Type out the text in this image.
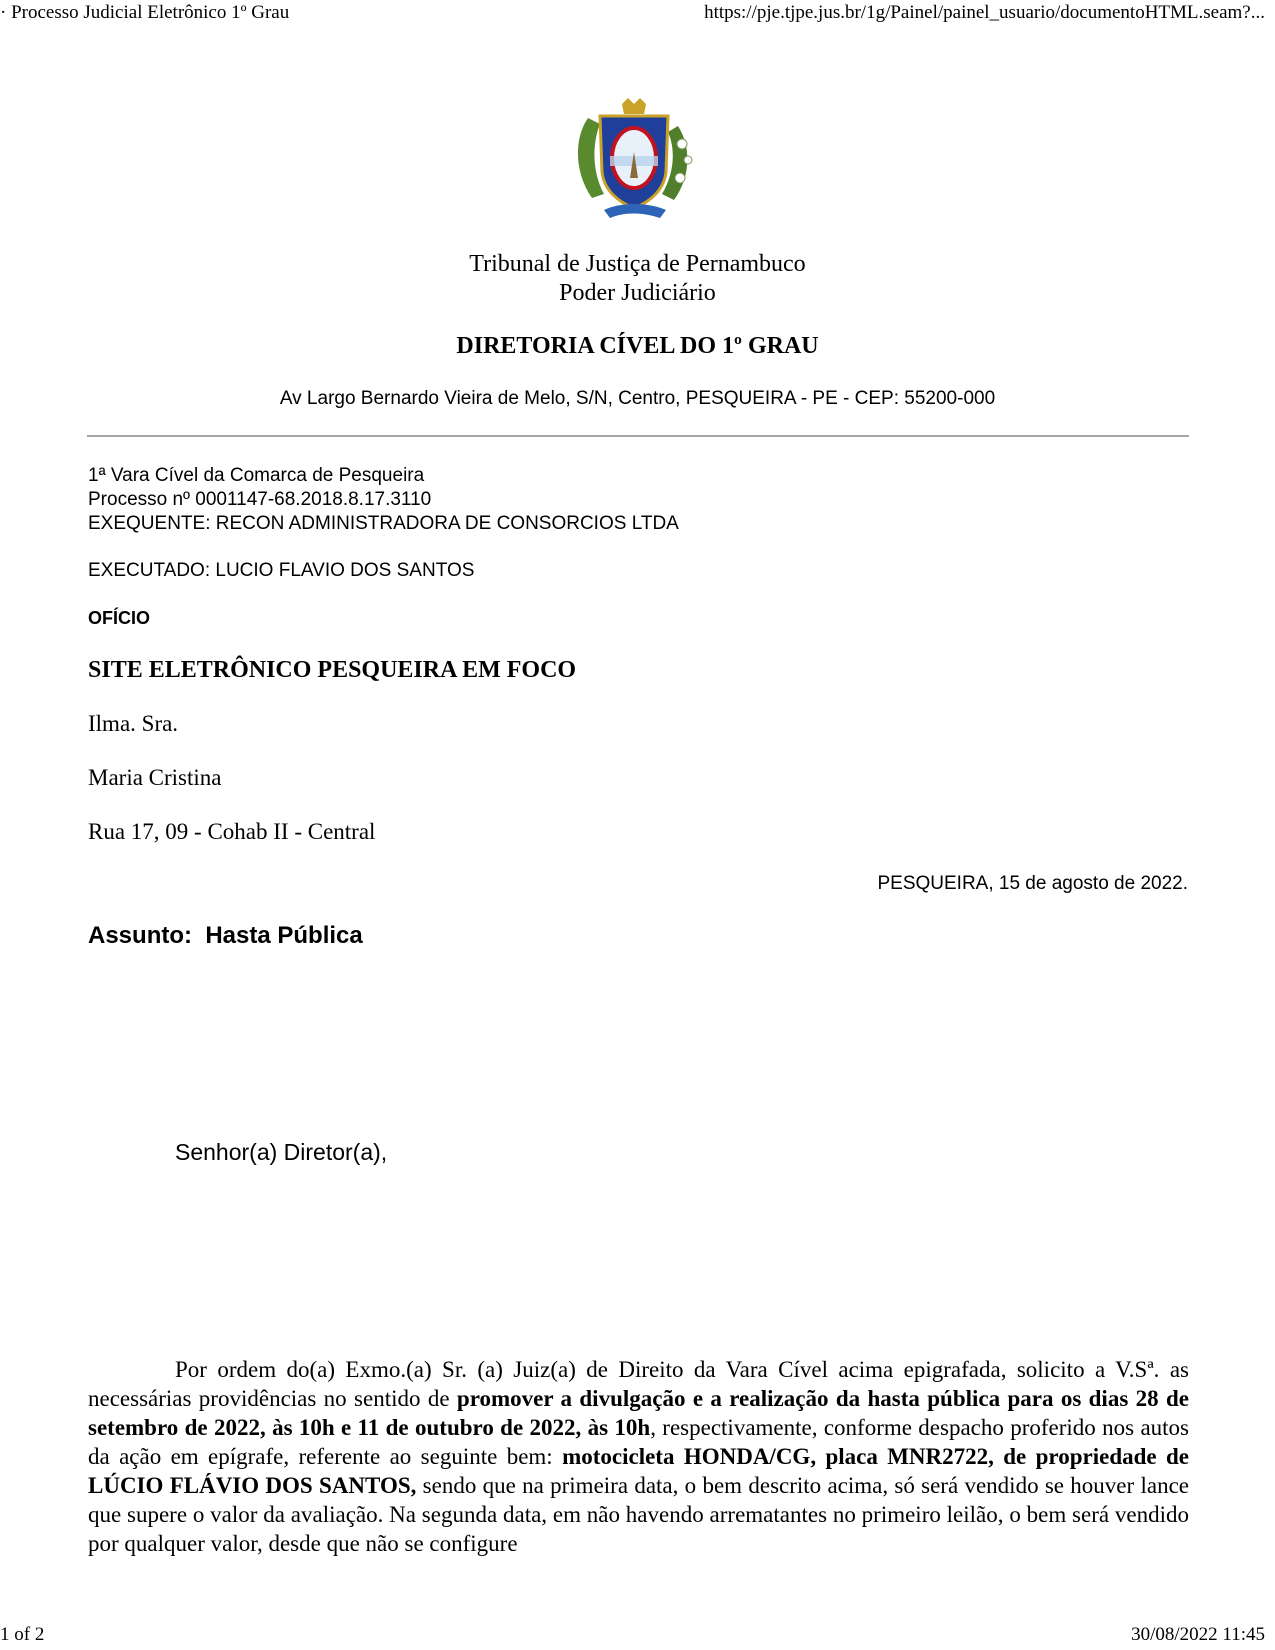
· Processo Judicial Eletrônico 1º Grau	https://pje.tjpe.jus.br/1g/Painel/painel_usuario/documentoHTML.seam?...
Tribunal de Justiça de Pernambuco
Poder Judiciário
DIRETORIA CÍVEL DO 1º GRAU
Av Largo Bernardo Vieira de Melo, S/N, Centro, PESQUEIRA - PE - CEP: 55200-000
1ª Vara Cível da Comarca de Pesqueira
Processo nº 0001147-68.2018.8.17.3110
EXEQUENTE: RECON ADMINISTRADORA DE CONSORCIOS LTDA
EXECUTADO: LUCIO FLAVIO DOS SANTOS
OFÍCIO
SITE ELETRÔNICO PESQUEIRA EM FOCO
Ilma. Sra.
Maria Cristina
Rua 17, 09 - Cohab II - Central
PESQUEIRA, 15 de agosto de 2022.
Assunto:  Hasta Pública
Senhor(a) Diretor(a),

Por ordem do(a) Exmo.(a) Sr. (a) Juiz(a) de Direito da Vara Cível acima epigrafada, solicito a V.Sª. as necessárias providências no sentido de promover a divulgação e a realização da hasta pública para os dias 28 de setembro de 2022, às 10h e 11 de outubro de 2022, às 10h, respectivamente, conforme despacho proferido nos autos da ação em epígrafe, referente ao seguinte bem: motocicleta HONDA/CG, placa MNR2722, de propriedade de LÚCIO FLÁVIO DOS SANTOS, sendo que na primeira data, o bem descrito acima, só será vendido se houver lance que supere o valor da avaliação. Na segunda data, em não havendo arrematantes no primeiro leilão, o bem será vendido por qualquer valor, desde que não se configure

1 of 2	30/08/2022 11:45
